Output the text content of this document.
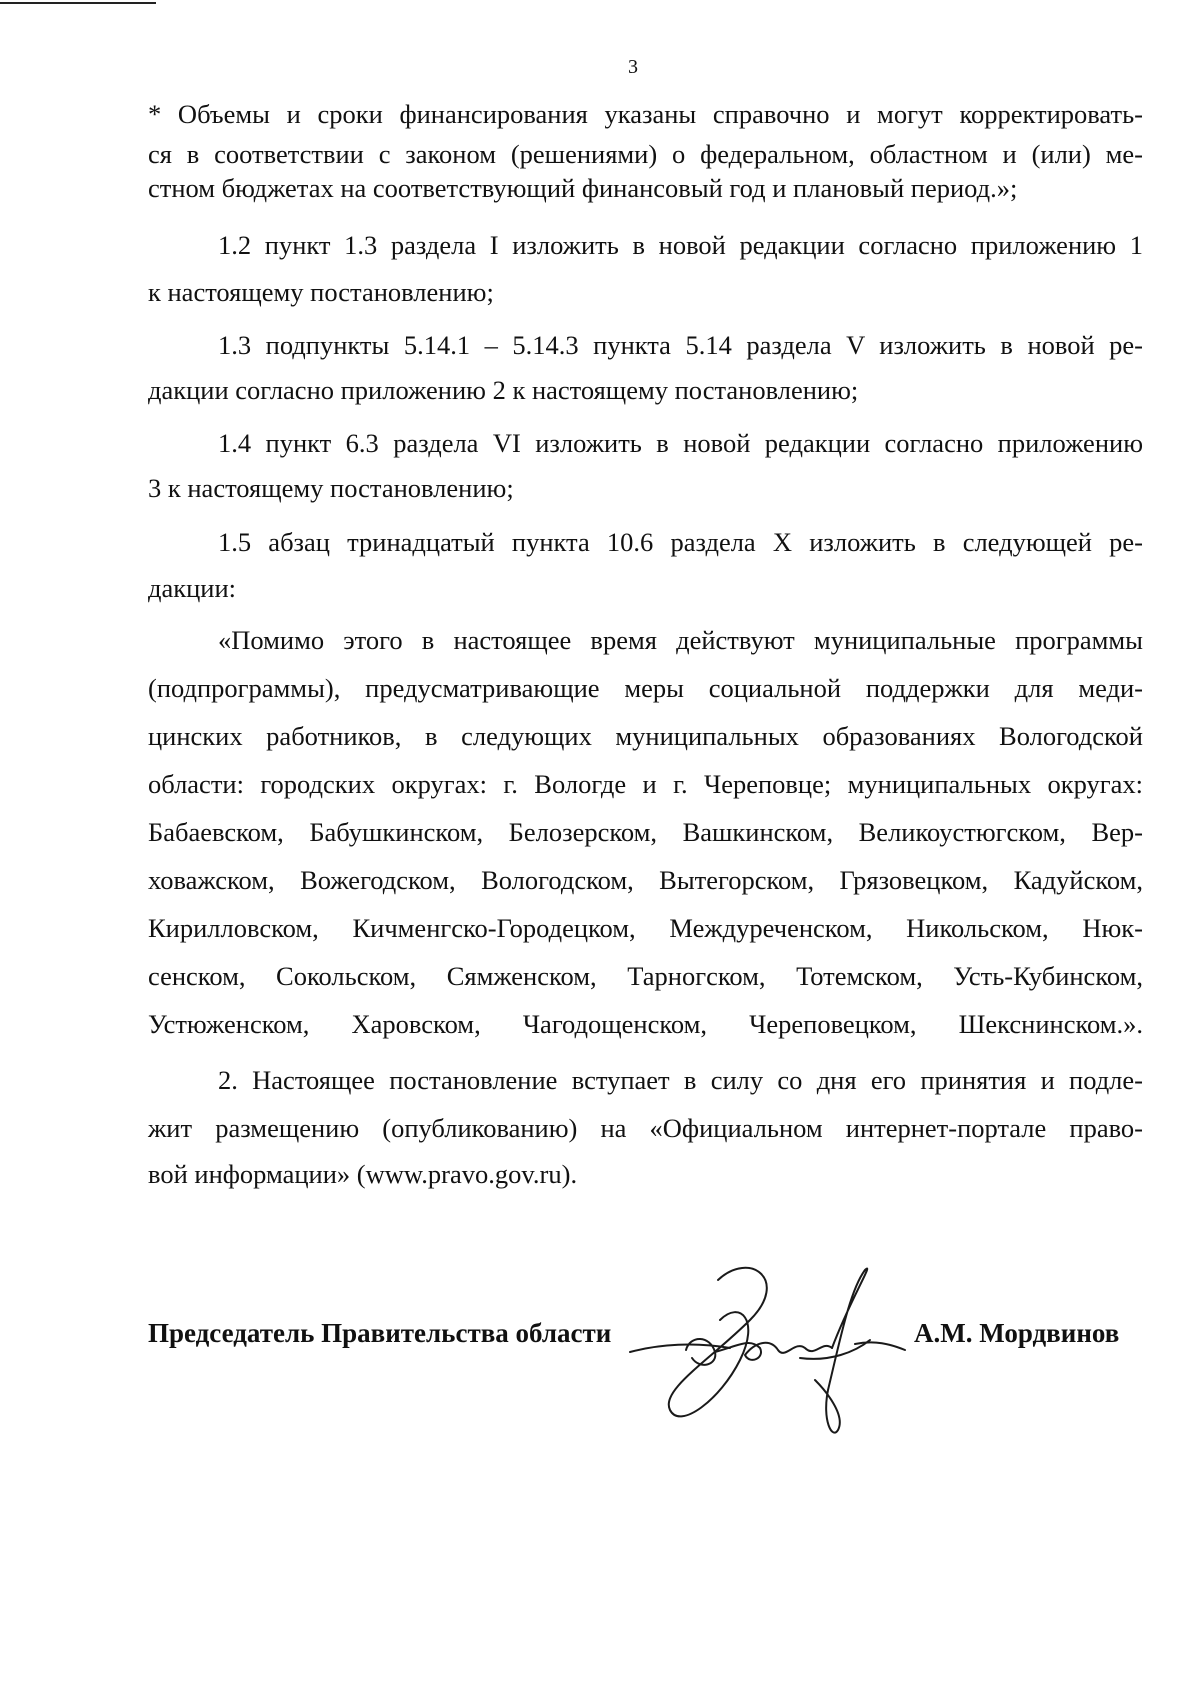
3
* Объемы и сроки финансирования указаны справочно и могут корректировать-
ся в соответствии с законом (решениями) о федеральном, областном и (или) ме-
стном бюджетах на соответствующий финансовый год и плановый период.»;
1.2 пункт 1.3 раздела I изложить в новой редакции согласно приложению 1
к настоящему постановлению;
1.3 подпункты 5.14.1 – 5.14.3 пункта 5.14 раздела V изложить в новой ре-
дакции согласно приложению 2 к настоящему постановлению;
1.4 пункт 6.3 раздела VI изложить в новой редакции согласно приложению
3 к настоящему постановлению;
1.5 абзац тринадцатый пункта 10.6 раздела X изложить в следующей ре-
дакции:
«Помимо этого в настоящее время действуют муниципальные программы
(подпрограммы), предусматривающие меры социальной поддержки для меди-
цинских работников, в следующих муниципальных образованиях Вологодской
области: городских округах: г. Вологде и г. Череповце; муниципальных округах:
Бабаевском, Бабушкинском, Белозерском, Вашкинском, Великоустюгском, Вер-
ховажском, Вожегодском, Вологодском, Вытегорском, Грязовецком, Кадуйском,
Кирилловском, Кичменгско-Городецком, Междуреченском, Никольском, Нюк-
сенском, Сокольском, Сямженском, Тарногском, Тотемском, Усть-Кубинском,
Устюженском, Харовском, Чагодощенском, Череповецком, Шекснинском.».
2. Настоящее постановление вступает в силу со дня его принятия и подле-
жит размещению (опубликованию) на «Официальном интернет-портале право-
вой информации» (www.pravo.gov.ru).
Председатель Правительства области	А.М. Мордвинов
